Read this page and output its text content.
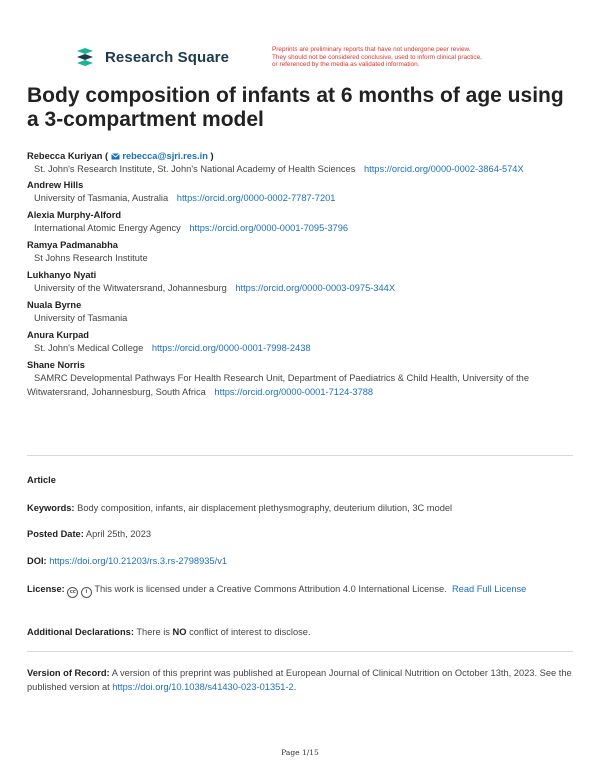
Research Square	Preprints are preliminary reports that have not undergone peer review.
They should not be considered conclusive, used to inform clinical practice,
or referenced by the media as validated information.
Body composition of infants at 6 months of age using a 3-compartment model
Rebecca Kuriyan (  rebecca@sjri.res.in )
St. John's Research Institute, St. John's National Academy of Health Sciences https://orcid.org/0000-0002-3864-574X
Andrew Hills
University of Tasmania, Australia https://orcid.org/0000-0002-7787-7201
Alexia Murphy-Alford
International Atomic Energy Agency https://orcid.org/0000-0001-7095-3796
Ramya Padmanabha
St Johns Research Institute
Lukhanyo Nyati
University of the Witwatersrand, Johannesburg https://orcid.org/0000-0003-0975-344X
Nuala Byrne
University of Tasmania
Anura Kurpad
St. John's Medical College https://orcid.org/0000-0001-7998-2438
Shane Norris
SAMRC Developmental Pathways For Health Research Unit, Department of Paediatrics & Child Health, University of the Witwatersrand, Johannesburg, South Africa https://orcid.org/0000-0001-7124-3788
Article
Keywords: Body composition, infants, air displacement plethysmography, deuterium dilution, 3C model
Posted Date: April 25th, 2023
DOI: https://doi.org/10.21203/rs.3.rs-2798935/v1
License: cc i This work is licensed under a Creative Commons Attribution 4.0 International License. Read Full License
Additional Declarations: There is NO conflict of interest to disclose.
Version of Record: A version of this preprint was published at European Journal of Clinical Nutrition on October 13th, 2023. See the published version at https://doi.org/10.1038/s41430-023-01351-2.
Page 1/15
